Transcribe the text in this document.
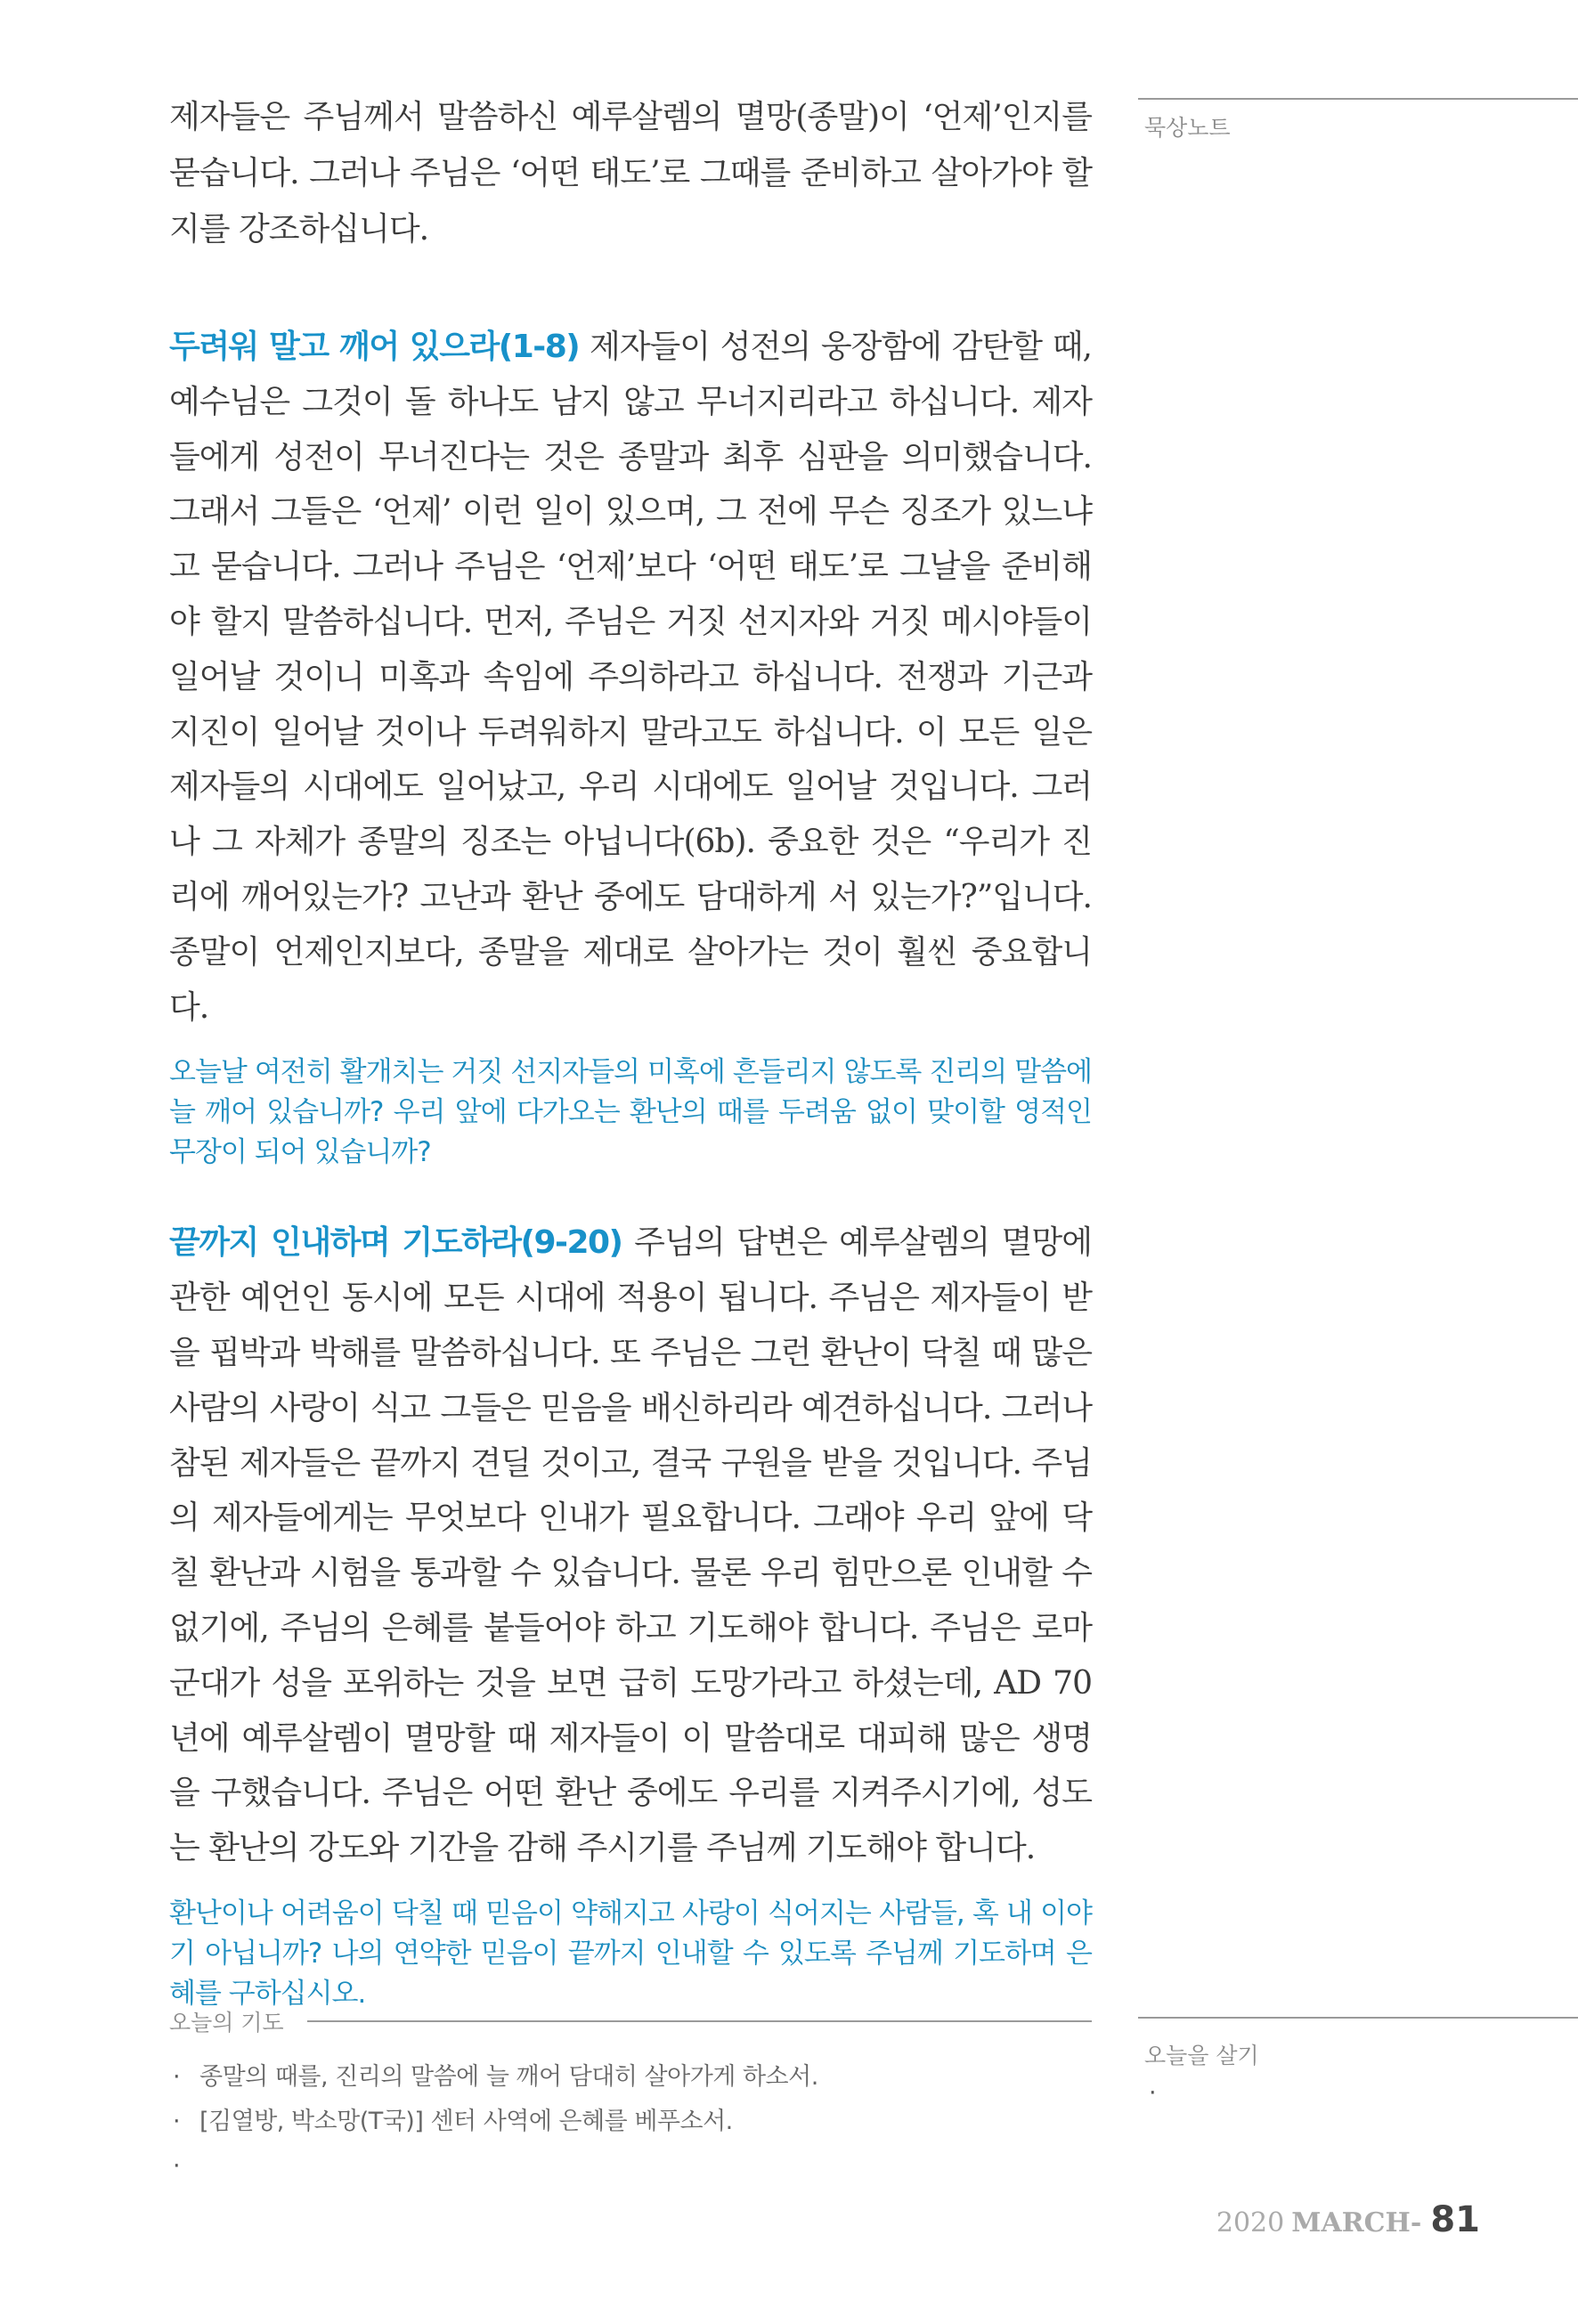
제자들은 주님께서 말씀하신 예루살렘의 멸망(종말)이 ‘언제’인지를 묻습니다. 그러나 주님은 ‘어떤 태도’로 그때를 준비하고 살아가야 할지를 강조하십니다.

두려워 말고 깨어 있으라(1-8) 제자들이 성전의 웅장함에 감탄할 때, 예수님은 그것이 돌 하나도 남지 않고 무너지리라고 하십니다. 제자들에게 성전이 무너진다는 것은 종말과 최후 심판을 의미했습니다. 그래서 그들은 ‘언제’ 이런 일이 있으며, 그 전에 무슨 징조가 있느냐고 묻습니다. 그러나 주님은 ‘언제’보다 ‘어떤 태도’로 그날을 준비해야 할지 말씀하십니다. 먼저, 주님은 거짓 선지자와 거짓 메시야들이 일어날 것이니 미혹과 속임에 주의하라고 하십니다. 전쟁과 기근과 지진이 일어날 것이나 두려워하지 말라고도 하십니다. 이 모든 일은 제자들의 시대에도 일어났고, 우리 시대에도 일어날 것입니다. 그러나 그 자체가 종말의 징조는 아닙니다(6b). 중요한 것은 “우리가 진리에 깨어있는가? 고난과 환난 중에도 담대하게 서 있는가?”입니다. 종말이 언제인지보다, 종말을 제대로 살아가는 것이 훨씬 중요합니다.

오늘날 여전히 활개치는 거짓 선지자들의 미혹에 흔들리지 않도록 진리의 말씀에 늘 깨어 있습니까? 우리 앞에 다가오는 환난의 때를 두려움 없이 맞이할 영적인 무장이 되어 있습니까?

끝까지 인내하며 기도하라(9-20) 주님의 답변은 예루살렘의 멸망에 관한 예언인 동시에 모든 시대에 적용이 됩니다. 주님은 제자들이 받을 핍박과 박해를 말씀하십니다. 또 주님은 그런 환난이 닥칠 때 많은 사람의 사랑이 식고 그들은 믿음을 배신하리라 예견하십니다. 그러나 참된 제자들은 끝까지 견딜 것이고, 결국 구원을 받을 것입니다. 주님의 제자들에게는 무엇보다 인내가 필요합니다. 그래야 우리 앞에 닥칠 환난과 시험을 통과할 수 있습니다. 물론 우리 힘만으론 인내할 수 없기에, 주님의 은혜를 붙들어야 하고 기도해야 합니다. 주님은 로마 군대가 성을 포위하는 것을 보면 급히 도망가라고 하셨는데, AD 70년에 예루살렘이 멸망할 때 제자들이 이 말씀대로 대피해 많은 생명을 구했습니다. 주님은 어떤 환난 중에도 우리를 지켜주시기에, 성도는 환난의 강도와 기간을 감해 주시기를 주님께 기도해야 합니다.

환난이나 어려움이 닥칠 때 믿음이 약해지고 사랑이 식어지는 사람들, 혹 내 이야기 아닙니까? 나의 연약한 믿음이 끝까지 인내할 수 있도록 주님께 기도하며 은혜를 구하십시오.

묵상노트
오늘의 기도
· 종말의 때를, 진리의 말씀에 늘 깨어 담대히 살아가게 하소서.
· [김열방, 박소망(T국)] 센터 사역에 은혜를 베푸소서.
·
오늘을 살기
·
2020 MARCH- 81
